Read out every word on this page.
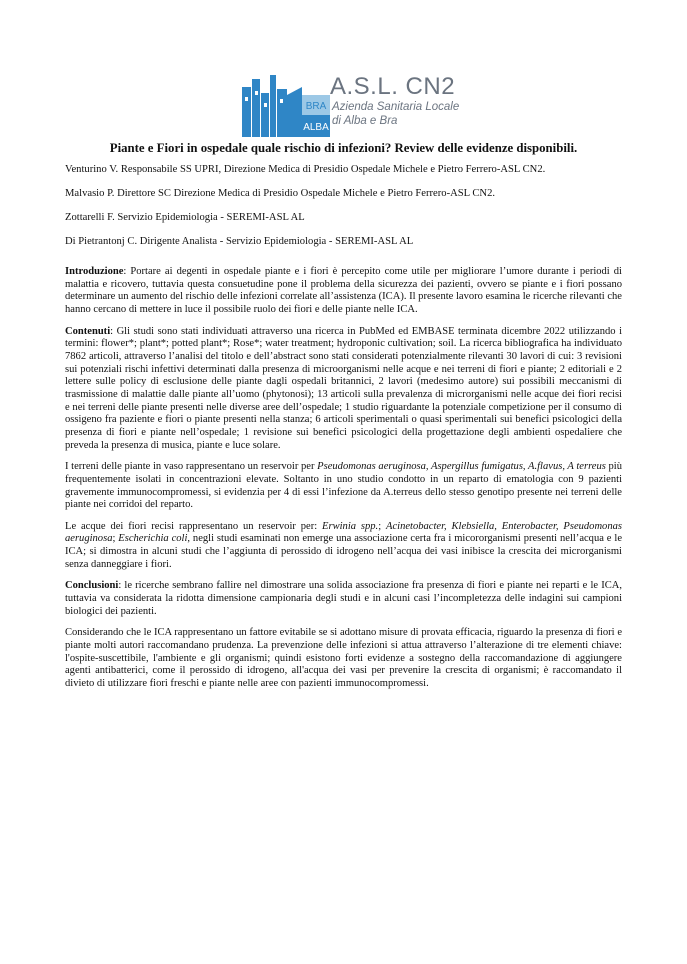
BRA
ALBA
A.S.L. CN2
Azienda Sanitaria Locale
di Alba e Bra
Piante e Fiori in ospedale quale rischio di infezioni? Review delle evidenze disponibili.

Venturino V. Responsabile SS UPRI, Direzione Medica di Presidio Ospedale Michele e Pietro Ferrero-ASL CN2.

Malvasio P. Direttore SC Direzione Medica di Presidio Ospedale Michele e Pietro Ferrero-ASL CN2.

Zottarelli F. Servizio Epidemiologia - SEREMI-ASL AL

Di Pietrantonj C. Dirigente Analista - Servizio Epidemiologia - SEREMI-ASL AL

Introduzione: Portare ai degenti in ospedale piante e i fiori è percepito come utile per migliorare l’umore durante i periodi di malattia e ricovero, tuttavia questa consuetudine pone il problema della sicurezza dei pazienti, ovvero se piante e i fiori possano determinare un aumento del rischio delle infezioni correlate all’assistenza (ICA). Il presente lavoro esamina le ricerche rilevanti che hanno cercano di mettere in luce il possibile ruolo dei fiori e delle piante nelle ICA.

Contenuti: Gli studi sono stati individuati attraverso una ricerca in PubMed ed EMBASE terminata dicembre 2022 utilizzando i termini: flower*; plant*; potted plant*; Rose*; water treatment; hydroponic cultivation; soil. La ricerca bibliografica ha individuato 7862 articoli, attraverso l’analisi del titolo e dell’abstract sono stati considerati potenzialmente rilevanti 30 lavori di cui: 3 revisioni sui potenziali rischi infettivi determinati dalla presenza di microorganismi nelle acque e nei terreni di fiori e piante; 2 editoriali e 2 lettere sulle policy di esclusione delle piante dagli ospedali britannici, 2 lavori (medesimo autore) sui possibili meccanismi di trasmissione di malattie dalle piante all’uomo (phytonosi); 13 articoli sulla prevalenza di microrganismi nelle acque dei fiori recisi e nei terreni delle piante presenti nelle diverse aree dell’ospedale; 1 studio riguardante la potenziale competizione per il consumo di ossigeno fra paziente e fiori o piante presenti nella stanza; 6 articoli sperimentali o quasi sperimentali sui benefici psicologici della presenza di fiori e piante nell’ospedale; 1 revisione sui benefici psicologici della progettazione degli ambienti ospedaliere che preveda la presenza di musica, piante e luce solare.

I terreni delle piante in vaso rappresentano un reservoir per Pseudomonas aeruginosa, Aspergillus fumigatus, A.flavus, A terreus più frequentemente isolati in concentrazioni elevate. Soltanto in uno studio condotto in un reparto di ematologia con 9 pazienti gravemente immunocompromessi, si evidenzia per 4 di essi l’infezione da A.terreus dello stesso genotipo presente nei terreni delle piante nei corridoi del reparto.

Le acque dei fiori recisi rappresentano un reservoir per: Erwinia spp.; Acinetobacter, Klebsiella, Enterobacter, Pseudomonas aeruginosa; Escherichia coli, negli studi esaminati non emerge una associazione certa fra i micororganismi presenti nell’acqua e le ICA; si dimostra in alcuni studi che l’aggiunta di perossido di idrogeno nell’acqua dei vasi inibisce la crescita dei microrganismi senza danneggiare i fiori.

Conclusioni: le ricerche sembrano fallire nel dimostrare una solida associazione fra presenza di fiori e piante nei reparti e le ICA, tuttavia va considerata la ridotta dimensione campionaria degli studi e in alcuni casi l’incompletezza delle indagini sui campioni biologici dei pazienti.

Considerando che le ICA rappresentano un fattore evitabile se si adottano misure di provata efficacia, riguardo la presenza di fiori e piante molti autori raccomandano prudenza. La prevenzione delle infezioni si attua attraverso l’alterazione di tre elementi chiave: l'ospite-suscettibile, l'ambiente e gli organismi; quindi esistono forti evidenze a sostegno della raccomandazione di aggiungere agenti antibatterici, come il perossido di idrogeno, all'acqua dei vasi per prevenire la crescita di organismi; è raccomandato il divieto di utilizzare fiori freschi e piante nelle aree con pazienti immunocompromessi.
